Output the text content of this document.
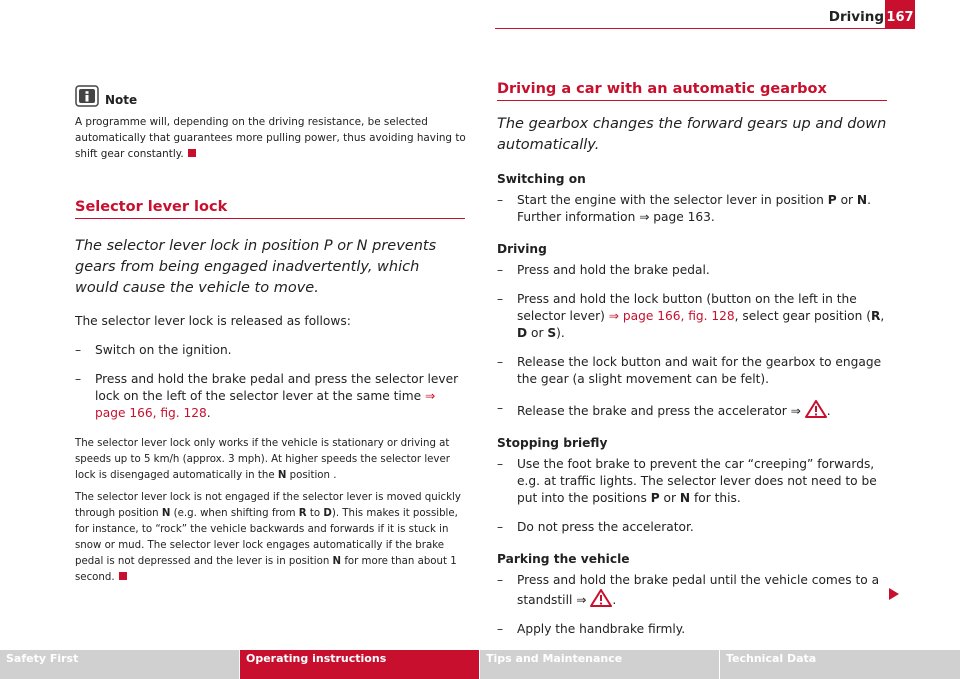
Driving 167
Note
A programme will, depending on the driving resistance, be selected automatically that guarantees more pulling power, thus avoiding having to shift gear constantly.
Selector lever lock
The selector lever lock in position P or N prevents gears from being engaged inadvertently, which would cause the vehicle to move.
The selector lever lock is released as follows:
– Switch on the ignition.
– Press and hold the brake pedal and press the selector lever lock on the left of the selector lever at the same time ⇒ page 166, fig. 128.
The selector lever lock only works if the vehicle is stationary or driving at speeds up to 5 km/h (approx. 3 mph). At higher speeds the selector lever lock is disengaged automatically in the N position .
The selector lever lock is not engaged if the selector lever is moved quickly through position N (e.g. when shifting from R to D). This makes it possible, for instance, to “rock” the vehicle backwards and forwards if it is stuck in snow or mud. The selector lever lock engages automatically if the brake pedal is not depressed and the lever is in position N for more than about 1 second.
Driving a car with an automatic gearbox
The gearbox changes the forward gears up and down automatically.
Switching on
– Start the engine with the selector lever in position P or N. Further information ⇒ page 163.
Driving
– Press and hold the brake pedal.
– Press and hold the lock button (button on the left in the selector lever) ⇒ page 166, fig. 128, select gear position (R, D or S).
– Release the lock button and wait for the gearbox to engage the gear (a slight movement can be felt).
– Release the brake and press the accelerator ⇒ .
Stopping briefly
– Use the foot brake to prevent the car “creeping” forwards, e.g. at traffic lights. The selector lever does not need to be put into the positions P or N for this.
– Do not press the accelerator.
Parking the vehicle
– Press and hold the brake pedal until the vehicle comes to a standstill ⇒ .
– Apply the handbrake firmly.
Safety First	Operating instructions	Tips and Maintenance	Technical Data
